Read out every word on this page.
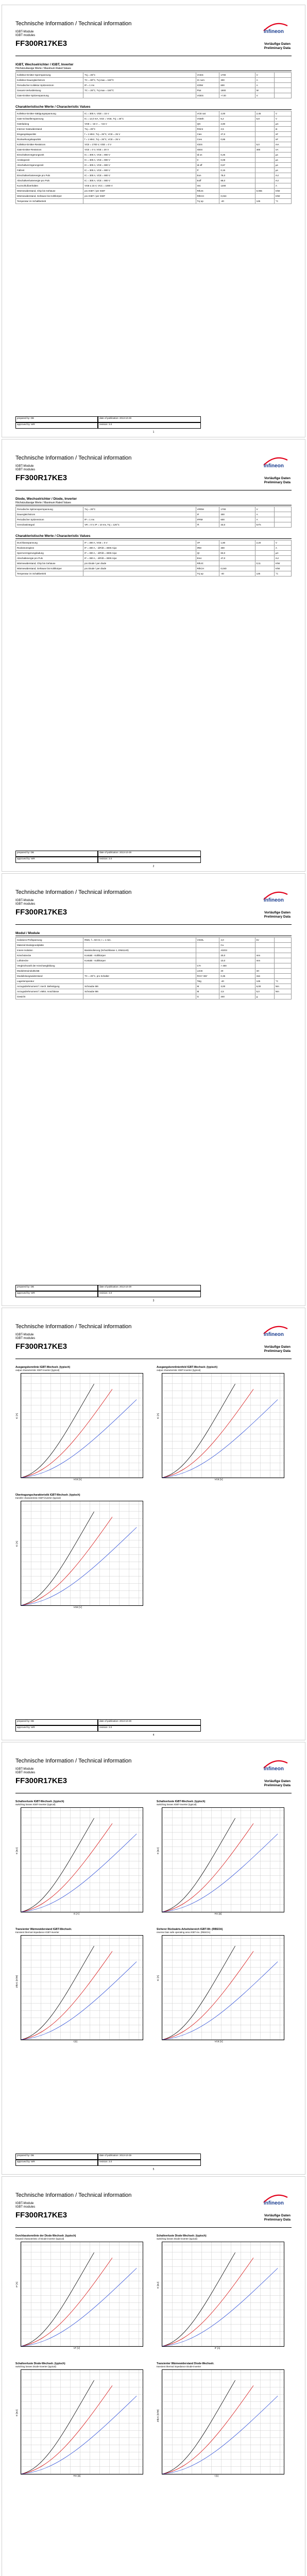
Technische Information / Technical information
IGBT-Module
IGBT modules
FF300R17KE3
infineon
Vorläufige Daten
Preliminary Data
prepared by: DB	date of publication: 2013-10-29
approved by: WR	revision: 3.0
1
IGBT, Wechselrichter / IGBT, Inverter
Höchstzulässige Werte / Maximum Rated Values
Kollektor-Emitter-Sperrspannung	Tvj = 25°C	VCES	1700	V	
Kollektor-Dauergleichstrom	TC = 80°C, Tvj max = 150°C	IC nom	300	A	
Periodischer Kollektor-Spitzenstrom	tP = 1 ms	ICRM	600	A	
Gesamt-Verlustleistung	TC = 25°C, Tvj max = 150°C	Ptot	1900	W	
Gate-Emitter-Spitzenspannung		VGES	+/-20	V	
Charakteristische Werte / Characteristic Values
Kollektor-Emitter-Sättigungsspannung	IC = 300 A, VGE = 15 V	VCE sat	2,00	2,45	V
Gate-Schwellenspannung	IC = 12,0 mA, VCE = VGE, Tvj = 25°C	VGEth	5,2	5,8	V
Gateladung	VGE = -15 V ... +15 V	QG	2,80		µC
Interner Gatewiderstand	Tvj = 25°C	RGint	2,5		Ω
Eingangskapazität	f = 1 MHz, Tvj = 25°C, VCE = 25 V	Cies	27,0		nF
Rückwirkungskapazität	f = 1 MHz, Tvj = 25°C, VCE = 25 V	Cres	0,85		nF
Kollektor-Emitter-Reststrom	VCE = 1700 V, VGE = 0 V	ICES		5,0	mA
Gate-Emitter-Reststrom	VCE = 0 V, VGE = 20 V	IGES		400	nA
Einschaltverzögerungszeit	IC = 300 A, VCE = 900 V	td on	0,25		µs
Anstiegszeit	IC = 300 A, VCE = 900 V	tr	0,08		µs
Abschaltverzögerungszeit	IC = 300 A, VCE = 900 V	td off	0,67		µs
Fallzeit	IC = 300 A, VCE = 900 V	tf	0,15		µs
Einschaltverlustenergie pro Puls	IC = 300 A, VCE = 900 V	Eon	78,0		mJ
Abschaltverlustenergie pro Puls	IC = 300 A, VCE = 900 V	Eoff	88,0		mJ
Kurzschlußverhalten	VGE ≤ 15 V, VCC = 1000 V	ISC	1200		A
Wärmewiderstand, Chip bis Gehäuse	pro IGBT / per IGBT	RthJC		0,065	K/W
Wärmewiderstand, Gehäuse bis Kühlkörper	pro IGBT / per IGBT	RthCH	0,024		K/W
Temperatur im Schaltbetrieb		Tvj op	-40	125	°C
Technische Information / Technical information
IGBT-Module
IGBT modules
FF300R17KE3
infineon
Vorläufige Daten
Preliminary Data
prepared by: DB	date of publication: 2013-10-29
approved by: WR	revision: 3.0
2
Diode, Wechselrichter / Diode, Inverter
Höchstzulässige Werte / Maximum Rated Values
Periodische Spitzensperrspannung	Tvj = 25°C	VRRM	1700	V	
Dauergleichstrom		IF	300	A	
Periodischer Spitzenstrom	tP = 1 ms	IFRM	600	A	
Grenzlastintegral	VR = 0 V, tP = 10 ms, Tvj = 125°C	I²t	33,0	kA²s	
Charakteristische Werte / Characteristic Values
Durchlassspannung	IF = 300 A, VGE = 0 V	VF	1,80	2,20	V
Rückstromspitze	IF = 300 A, - diF/dt = 3000 A/µs	IRM	300		A
Sperrverzögerungsladung	IF = 300 A, - diF/dt = 3000 A/µs	Qr	83,0		µC
Abschaltenergie pro Puls	IF = 300 A, - diF/dt = 3000 A/µs	Erec	47,0		mJ
Wärmewiderstand, Chip bis Gehäuse	pro Diode / per diode	RthJC		0,11	K/W
Wärmewiderstand, Gehäuse bis Kühlkörper	pro Diode / per diode	RthCH	0,040		K/W
Temperatur im Schaltbetrieb		Tvj op	-40	125	°C
Technische Information / Technical information
IGBT-Module
IGBT modules
FF300R17KE3
infineon
Vorläufige Daten
Preliminary Data
prepared by: DB	date of publication: 2013-10-29
approved by: WR	revision: 3.0
3
Modul / Module
Isolations-Prüfspannung	RMS, f = 50 Hz, t = 1 min.	VISOL	4,0	kV	
Material Modulgrundplatte			Cu		
Innere Isolation	Basisisolierung (Schutzklasse 1, EN61140)		Al2O3		
Kriechstrecke	Kontakt - Kühlkörper		20,0	mm	
Luftstrecke	Kontakt - Kühlkörper		10,0	mm	
Vergleichszahl der Kriechwegbildung		CTI	> 400		
Modulstreuinduktivität		LsCE	20	nH	
Modulleitungswiderstand	TC = 25°C, pro Schalter	RCC'+EE'	0,35	mΩ	
Lagertemperatur		Tstg	-40	125	°C
Anzugsdrehmoment f. mech. Befestigung	Schraube M6	M	3,00	6,00	Nm
Anzugsdrehmoment f. elektr. Anschlüsse	Schraube M6	M	2,5	5,0	Nm
Gewicht		G	340	g	
Technische Information / Technical information
IGBT-Module
IGBT modules
FF300R17KE3
infineon
Vorläufige Daten
Preliminary Data
prepared by: DB	date of publication: 2013-10-29
approved by: WR	revision: 3.0
4
Ausgangskennlinie IGBT-Wechselr. (typisch)
output characteristic IGBT-inverter (typical)
VCE [V]
IC [A]
Ausgangskennlinienfeld IGBT-Wechselr. (typisch)
output characteristic IGBT-inverter (typical)
VCE [V]
IC [A]
Übertragungscharakteristik IGBT-Wechselr. (typisch)
transfer characteristic IGBT-inverter (typical)
VGE [V]
IC [A]
Technische Information / Technical information
IGBT-Module
IGBT modules
FF300R17KE3
infineon
Vorläufige Daten
Preliminary Data
prepared by: DB	date of publication: 2013-10-29
approved by: WR	revision: 3.0
5
Schaltverluste IGBT-Wechselr. (typisch)
switching losses IGBT-inverter (typical)
IC [A]
E [mJ]
Schaltverluste IGBT-Wechselr. (typisch)
switching losses IGBT-inverter (typical)
RG [Ω]
E [mJ]
Transienter Wärmewiderstand IGBT-Wechselr.
transient thermal impedance IGBT-inverter
t [s]
ZthJC [K/W]
Sicherer Rückwärts-Arbeitsbereich IGBT-Wr. (RBSOA)
reverse bias safe operating area IGBT-inv. (RBSOA)
VCE [V]
IC [A]
Technische Information / Technical information
IGBT-Module
IGBT modules
FF300R17KE3
infineon
Vorläufige Daten
Preliminary Data
Durchlasskennlinie der Diode-Wechselr. (typisch)
forward characteristic of Diode-inverter (typical)
VF [V]
IF [A]
Schaltverluste Diode-Wechselr. (typisch)
switching losses Diode-inverter (typical)
IF [A]
E [mJ]
Schaltverluste Diode-Wechselr. (typisch)
switching losses Diode-inverter (typical)
RG [Ω]
E [mJ]
Transienter Wärmewiderstand Diode-Wechselr.
transient thermal impedance Diode-inverter
t [s]
ZthJC [K/W]
